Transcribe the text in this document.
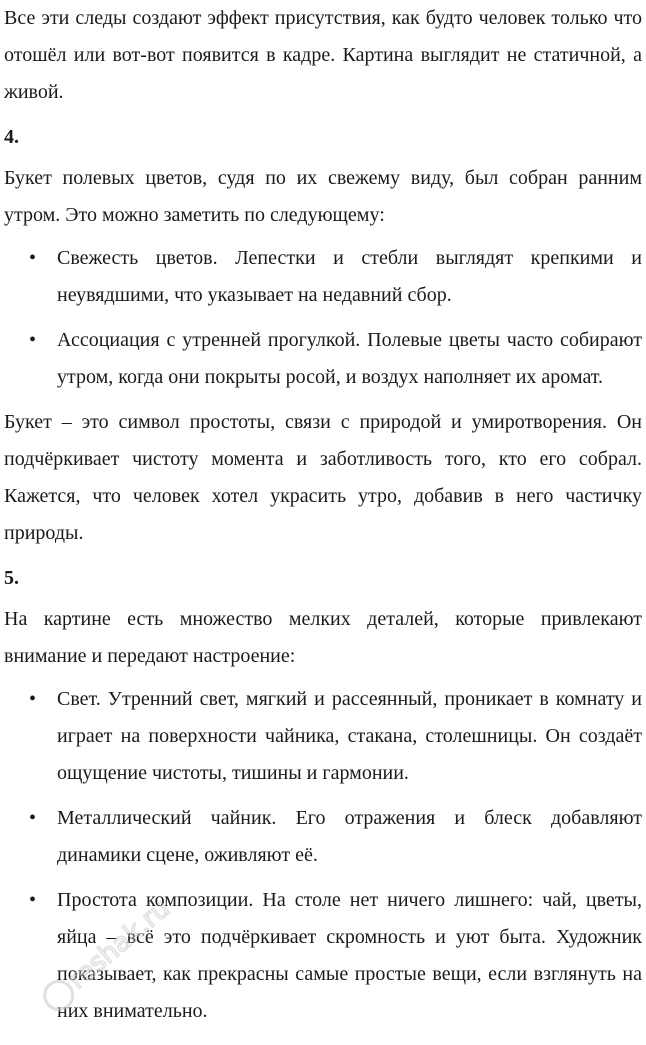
Все эти следы создают эффект присутствия, как будто человек только что отошёл или вот-вот появится в кадре. Картина выглядит не статичной, а живой.

4.

Букет полевых цветов, судя по их свежему виду, был собран ранним утром. Это можно заметить по следующему:

• Свежесть цветов. Лепестки и стебли выглядят крепкими и неувядшими, что указывает на недавний сбор.
• Ассоциация с утренней прогулкой. Полевые цветы часто собирают утром, когда они покрыты росой, и воздух наполняет их аромат.

Букет – это символ простоты, связи с природой и умиротворения. Он подчёркивает чистоту момента и заботливость того, кто его собрал. Кажется, что человек хотел украсить утро, добавив в него частичку природы.

5.

На картине есть множество мелких деталей, которые привлекают внимание и передают настроение:

• Свет. Утренний свет, мягкий и рассеянный, проникает в комнату и играет на поверхности чайника, стакана, столешницы. Он создаёт ощущение чистоты, тишины и гармонии.
• Металлический чайник. Его отражения и блеск добавляют динамики сцене, оживляют её.
• Простота композиции. На столе нет ничего лишнего: чай, цветы, яйца – всё это подчёркивает скромность и уют быта. Художник показывает, как прекрасны самые простые вещи, если взглянуть на них внимательно.
reshak.ru
